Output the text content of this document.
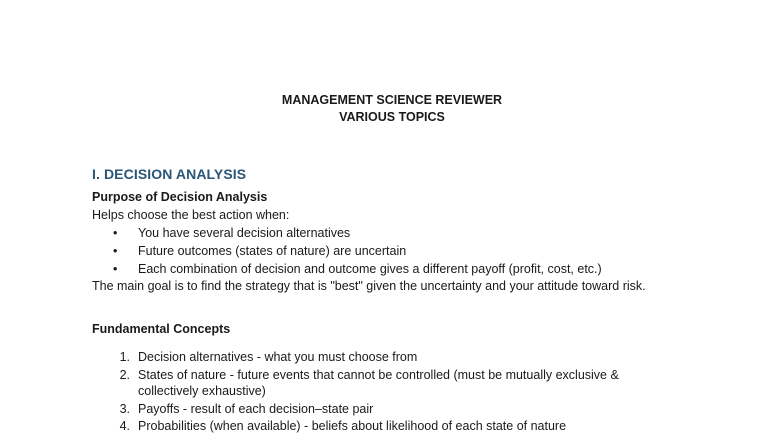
MANAGEMENT SCIENCE REVIEWER
VARIOUS TOPICS
I. DECISION ANALYSIS
Purpose of Decision Analysis
Helps choose the best action when:
• You have several decision alternatives
• Future outcomes (states of nature) are uncertain
• Each combination of decision and outcome gives a different payoff (profit, cost, etc.)
The main goal is to find the strategy that is "best" given the uncertainty and your attitude toward risk.
Fundamental Concepts
1. Decision alternatives - what you must choose from
2. States of nature - future events that cannot be controlled (must be mutually exclusive &
collectively exhaustive)
3. Payoffs - result of each decision–state pair
4. Probabilities (when available) - beliefs about likelihood of each state of nature
